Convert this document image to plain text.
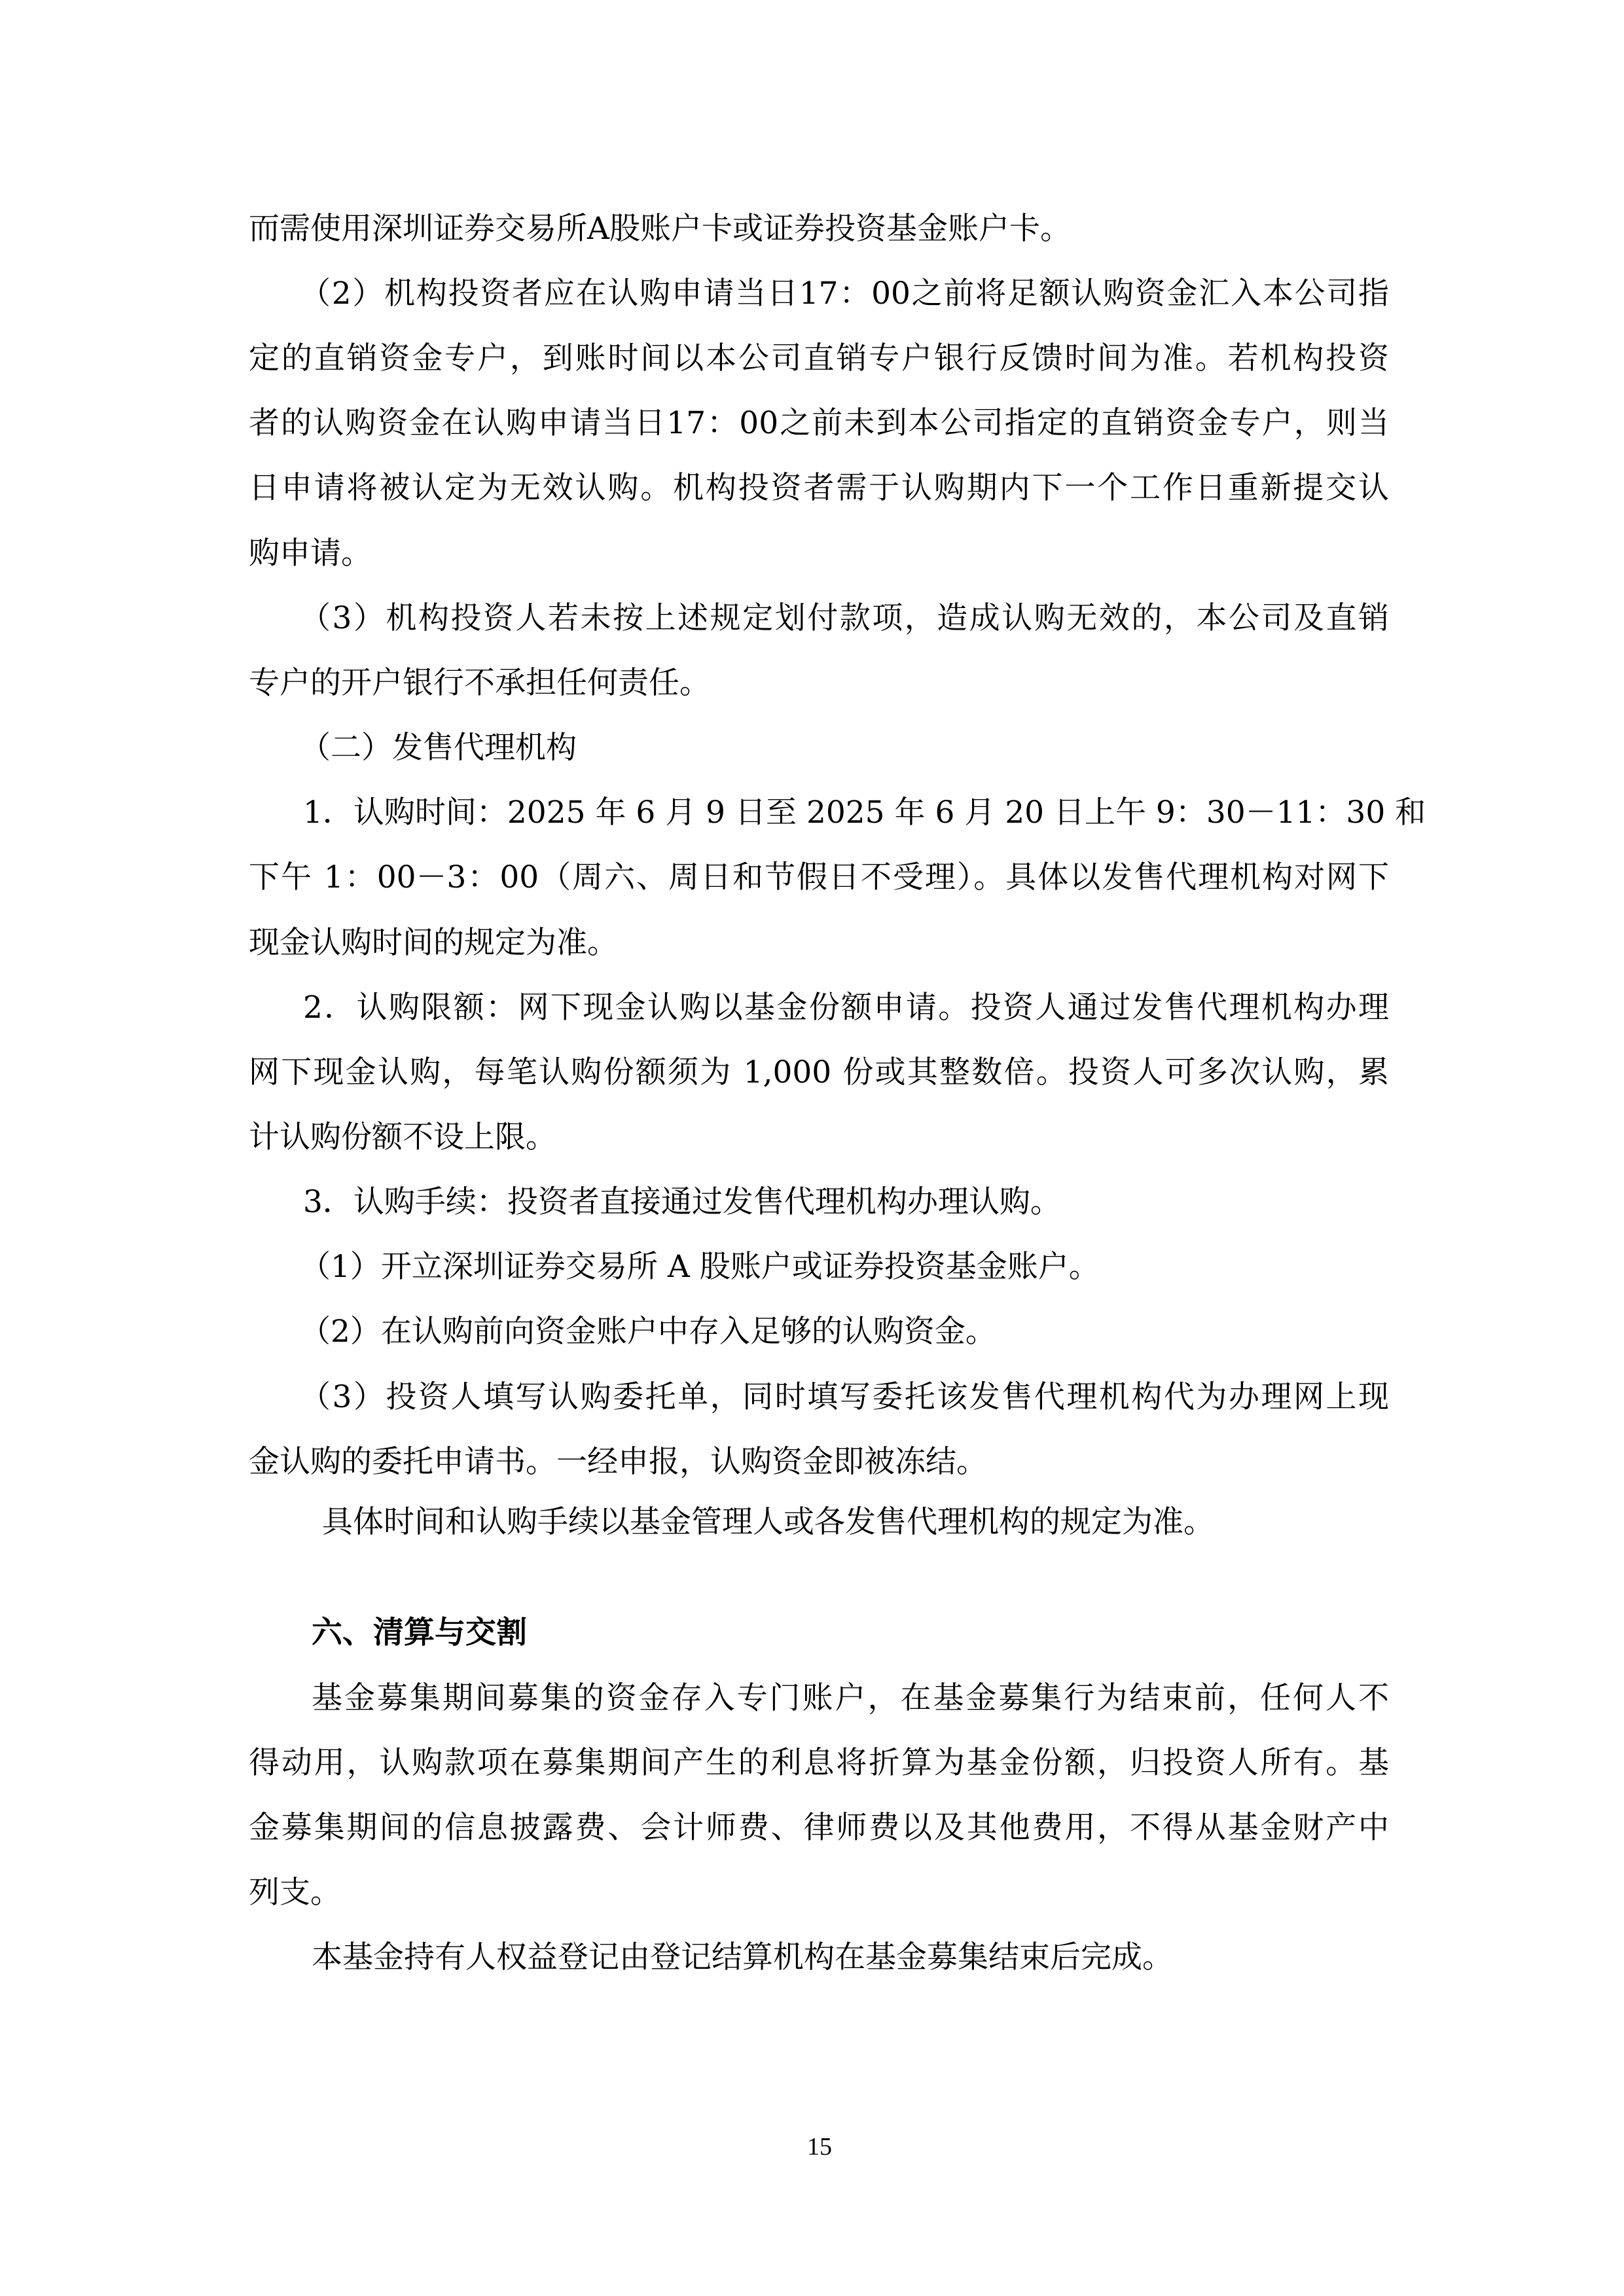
而需使用深圳证券交易所A股账户卡或证券投资基金账户卡。
（2）机构投资者应在认购申请当日17：00之前将足额认购资金汇入本公司指
定的直销资金专户，到账时间以本公司直销专户银行反馈时间为准。若机构投资
者的认购资金在认购申请当日17：00之前未到本公司指定的直销资金专户，则当
日申请将被认定为无效认购。机构投资者需于认购期内下一个工作日重新提交认
购申请。
（3）机构投资人若未按上述规定划付款项，造成认购无效的，本公司及直销
专户的开户银行不承担任何责任。
（二）发售代理机构
1．认购时间：2025 年 6 月 9 日至 2025 年 6 月 20 日上午 9：30－11：30 和
下午 1：00－3：00（周六、周日和节假日不受理）。具体以发售代理机构对网下
现金认购时间的规定为准。
2．认购限额：网下现金认购以基金份额申请。投资人通过发售代理机构办理
网下现金认购，每笔认购份额须为 1,000 份或其整数倍。投资人可多次认购，累
计认购份额不设上限。
3．认购手续：投资者直接通过发售代理机构办理认购。
（1）开立深圳证券交易所 A 股账户或证券投资基金账户。
（2）在认购前向资金账户中存入足够的认购资金。
（3）投资人填写认购委托单，同时填写委托该发售代理机构代为办理网上现
金认购的委托申请书。一经申报，认购资金即被冻结。
具体时间和认购手续以基金管理人或各发售代理机构的规定为准。
六、清算与交割
基金募集期间募集的资金存入专门账户，在基金募集行为结束前，任何人不
得动用，认购款项在募集期间产生的利息将折算为基金份额，归投资人所有。基
金募集期间的信息披露费、会计师费、律师费以及其他费用，不得从基金财产中
列支。
本基金持有人权益登记由登记结算机构在基金募集结束后完成。
15
